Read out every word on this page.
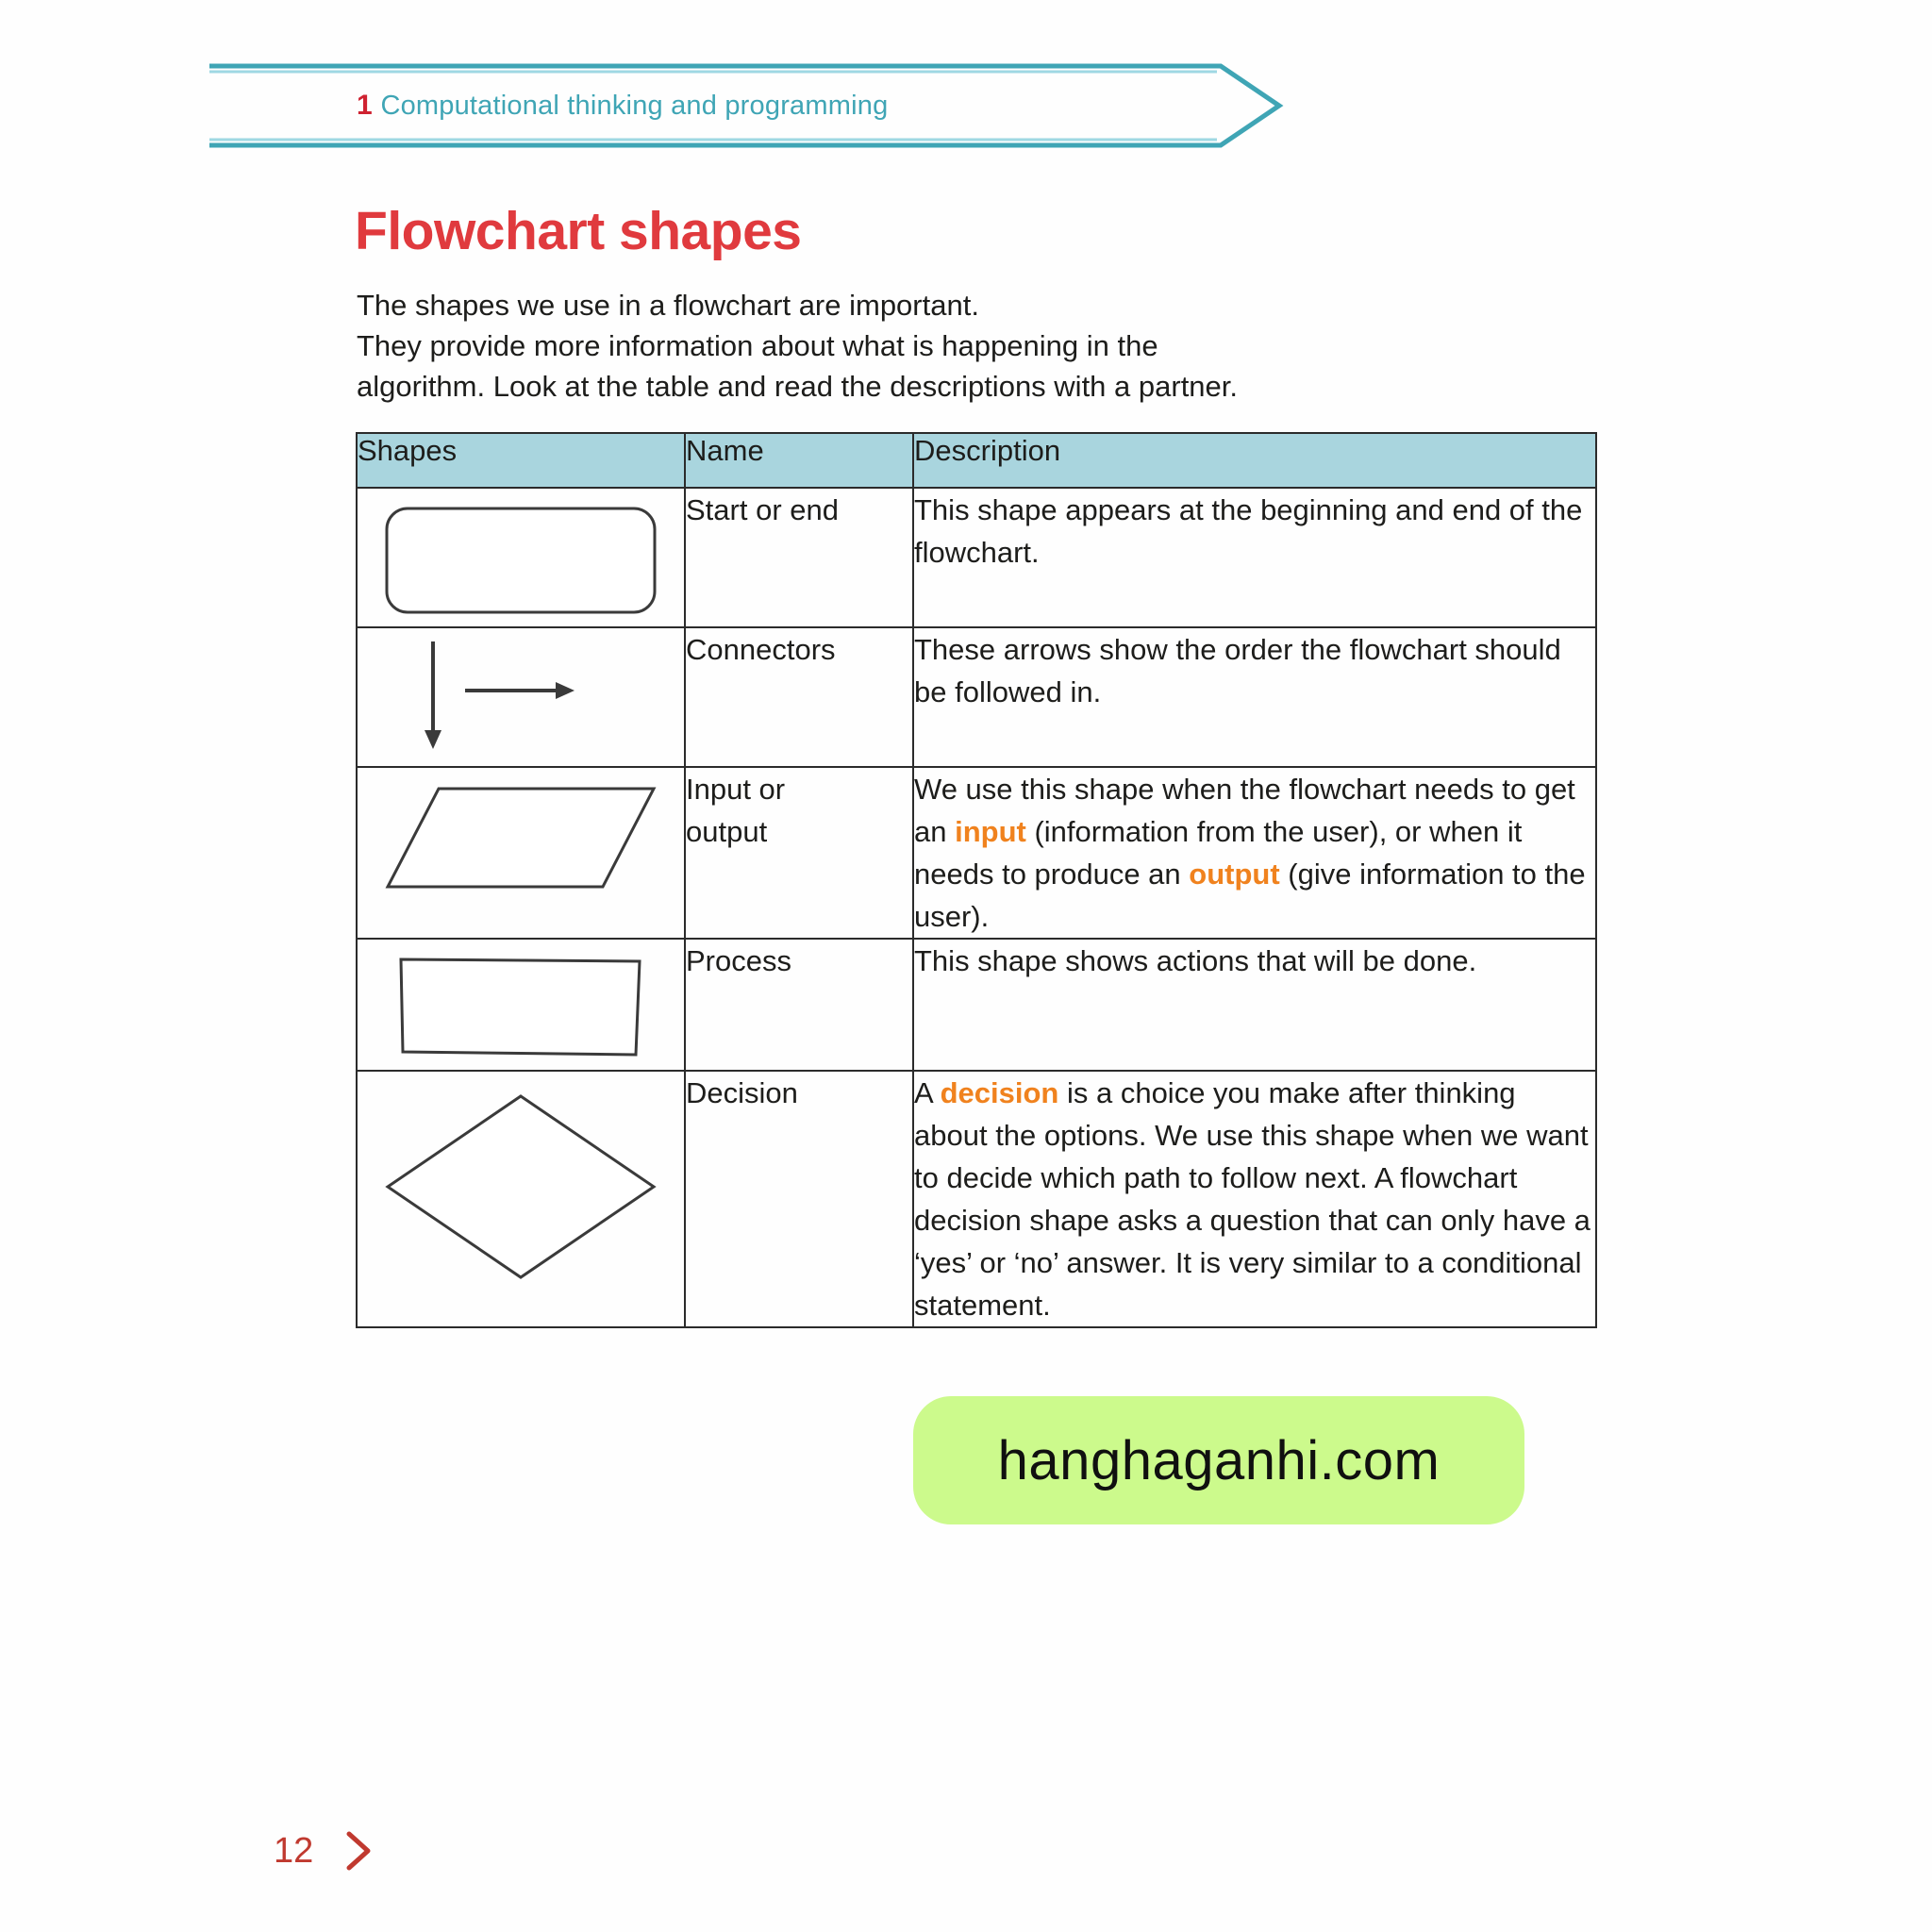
1 Computational thinking and programming
Flowchart shapes

The shapes we use in a flowchart are important.

They provide more information about what is happening in the

algorithm. Look at the table and read the descriptions with a partner.

Shapes	Name	Description

	Start or end	This shape appears at the beginning and end of the flowchart.

	Connectors	These arrows show the order the flowchart should be followed in.

	Input or
output	We use this shape when the flowchart needs to get an input (information from the user), or when it needs to produce an output (give information to the user).

	Process	This shape shows actions that will be done.

	Decision	A decision is a choice you make after thinking about the options. We use this shape when we want to decide which path to follow next. A flowchart decision shape asks a question that can only have a ‘yes’ or ‘no’ answer. It is very similar to a conditional statement.
hanghaganhi.com
12
